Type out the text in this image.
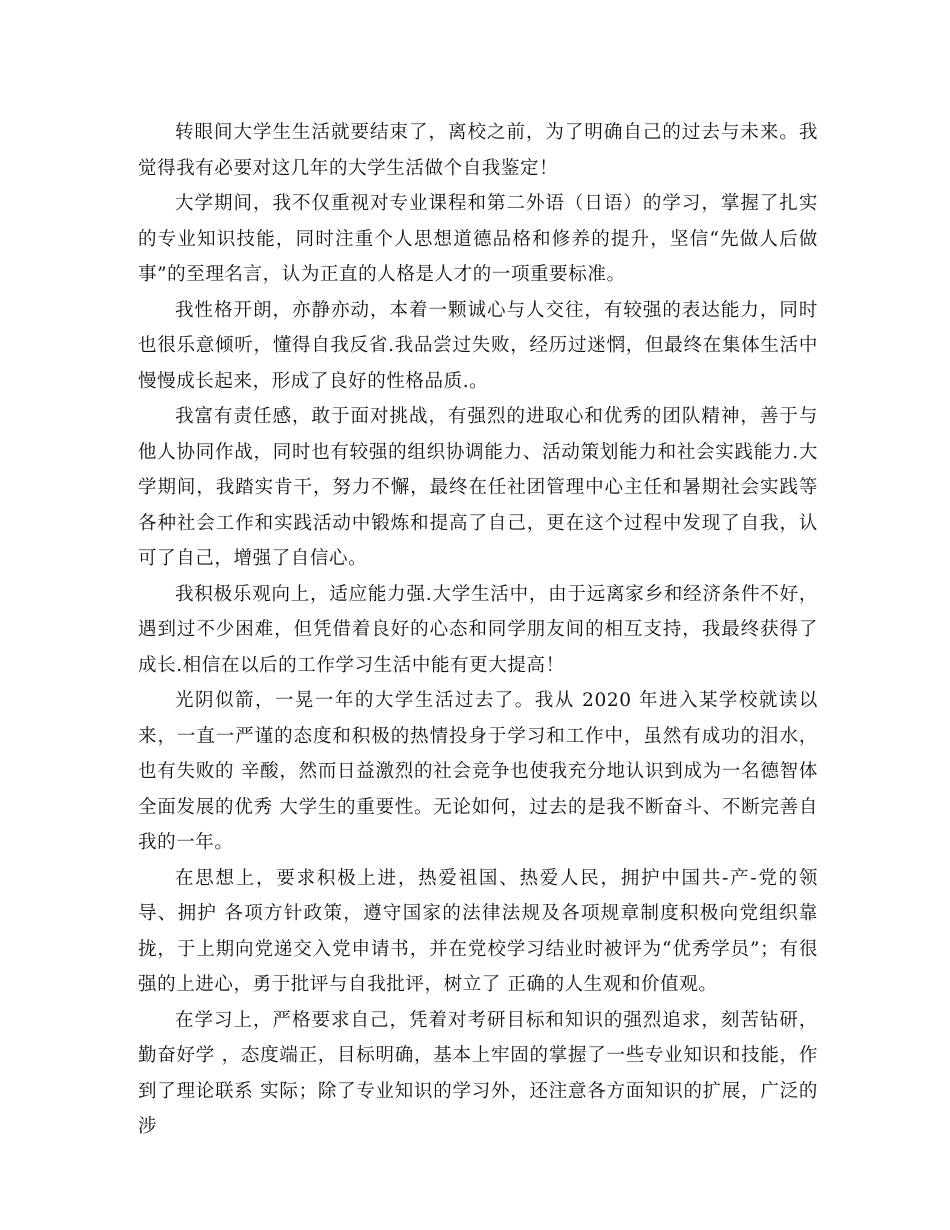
转眼间大学生生活就要结束了，离校之前，为了明确自己的过去与未来。我觉得我有必要对这几年的大学生活做个自我鉴定！

大学期间，我不仅重视对专业课程和第二外语（日语）的学习，掌握了扎实的专业知识技能，同时注重个人思想道德品格和修养的提升，坚信“先做人后做事”的至理名言，认为正直的人格是人才的一项重要标准。

我性格开朗，亦静亦动，本着一颗诚心与人交往，有较强的表达能力，同时也很乐意倾听，懂得自我反省.我品尝过失败，经历过迷惘，但最终在集体生活中慢慢成长起来，形成了良好的性格品质.。

我富有责任感，敢于面对挑战，有强烈的进取心和优秀的团队精神，善于与他人协同作战，同时也有较强的组织协调能力、活动策划能力和社会实践能力.大学期间，我踏实肯干，努力不懈，最终在任社团管理中心主任和暑期社会实践等各种社会工作和实践活动中锻炼和提高了自己，更在这个过程中发现了自我，认可了自己，增强了自信心。

我积极乐观向上，适应能力强.大学生活中，由于远离家乡和经济条件不好，遇到过不少困难，但凭借着良好的心态和同学朋友间的相互支持，我最终获得了成长.相信在以后的工作学习生活中能有更大提高！

光阴似箭，一晃一年的大学生活过去了。我从 2020 年进入某学校就读以来，一直一严谨的态度和积极的热情投身于学习和工作中，虽然有成功的泪水，也有失败的 辛酸，然而日益激烈的社会竞争也使我充分地认识到成为一名德智体全面发展的优秀 大学生的重要性。无论如何，过去的是我不断奋斗、不断完善自我的一年。

在思想上，要求积极上进，热爱祖国、热爱人民，拥护中国共-产-党的领导、拥护 各项方针政策，遵守国家的法律法规及各项规章制度积极向党组织靠拢，于上期向党递交入党申请书，并在党校学习结业时被评为“优秀学员”；有很强的上进心，勇于批评与自我批评，树立了 正确的人生观和价值观。

在学习上，严格要求自己，凭着对考研目标和知识的强烈追求，刻苦钻研，勤奋好学 ，态度端正，目标明确，基本上牢固的掌握了一些专业知识和技能，作到了理论联系 实际；除了专业知识的学习外，还注意各方面知识的扩展，广泛的涉
